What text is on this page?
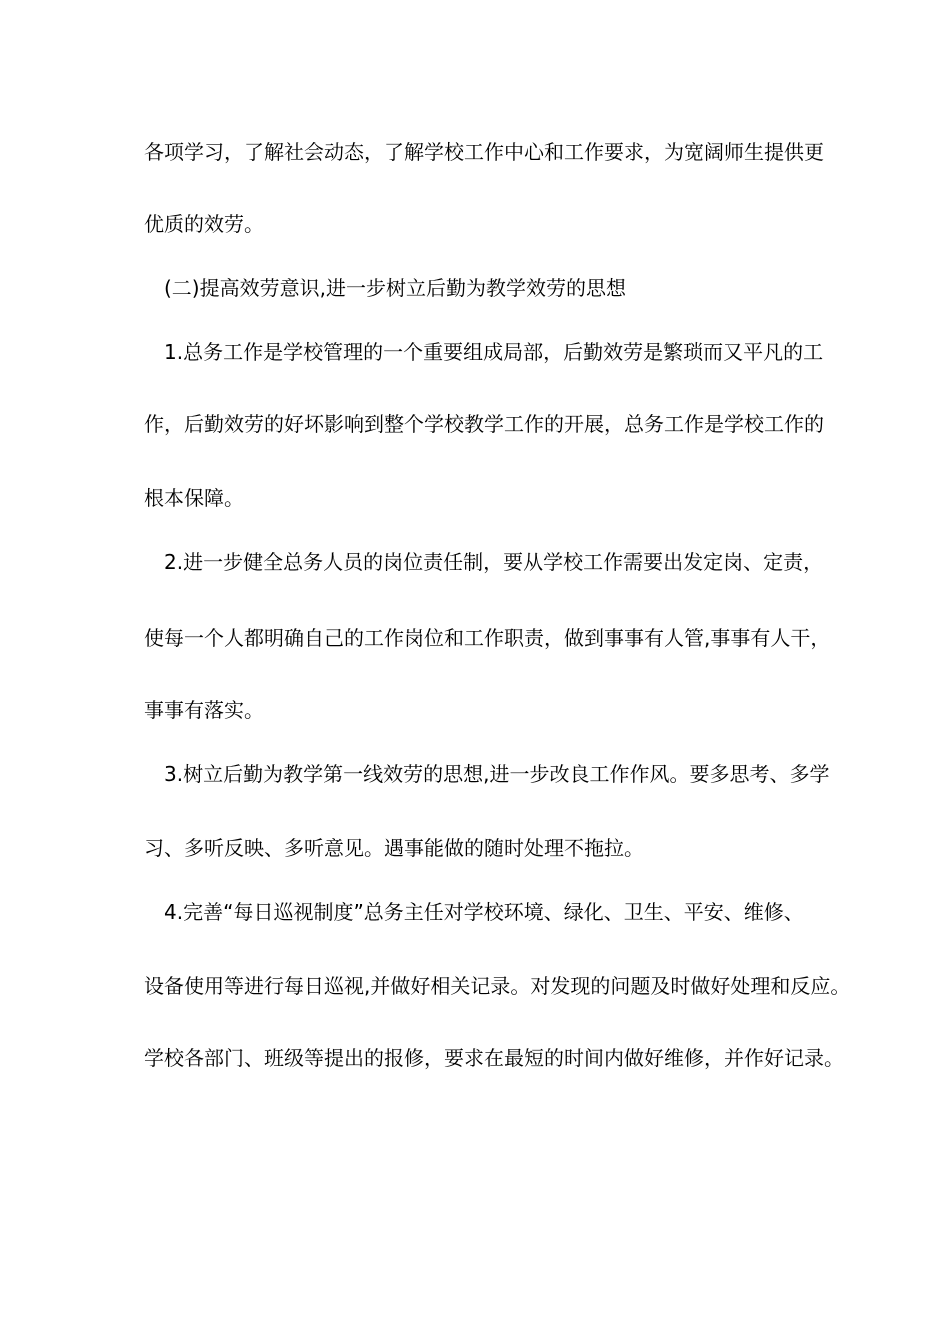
各项学习，了解社会动态，了解学校工作中心和工作要求，为宽阔师生提供更
优质的效劳。
(二)提高效劳意识,进一步树立后勤为教学效劳的思想
1.总务工作是学校管理的一个重要组成局部，后勤效劳是繁琐而又平凡的工
作，后勤效劳的好坏影响到整个学校教学工作的开展，总务工作是学校工作的
根本保障。
2.进一步健全总务人员的岗位责任制，要从学校工作需要出发定岗、定责，
使每一个人都明确自己的工作岗位和工作职责，做到事事有人管,事事有人干，
事事有落实。
3.树立后勤为教学第一线效劳的思想,进一步改良工作作风。要多思考、多学
习、多听反映、多听意见。遇事能做的随时处理不拖拉。
4.完善“每日巡视制度”总务主任对学校环境、绿化、卫生、平安、维修、
设备使用等进行每日巡视,并做好相关记录。对发现的问题及时做好处理和反应。
学校各部门、班级等提出的报修，要求在最短的时间内做好维修，并作好记录。
